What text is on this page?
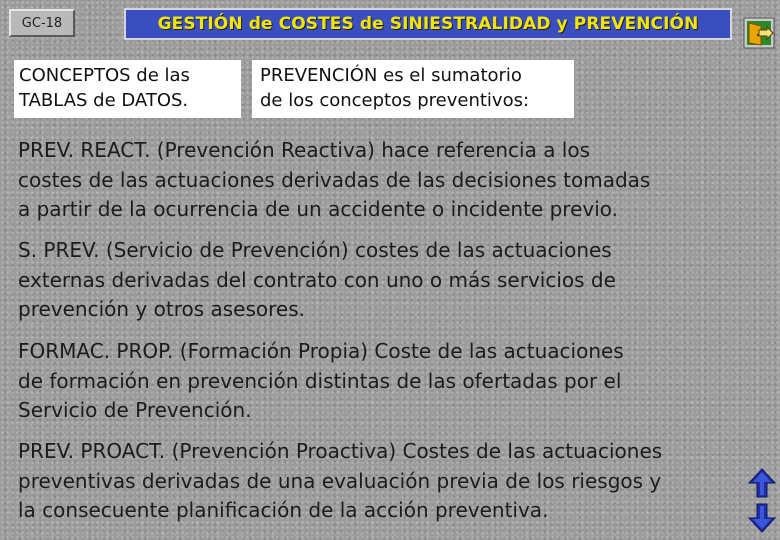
GC-18	GESTIÓN de COSTES de SINIESTRALIDAD y PREVENCIÓN
CONCEPTOS de las
TABLAS de DATOS.
PREVENCIÓN es el sumatorio
de los conceptos preventivos:
PREV. REACT. (Prevención Reactiva) hace referencia a los
costes de las actuaciones derivadas de las decisiones tomadas
a partir de la ocurrencia de un accidente o incidente previo.
S. PREV. (Servicio de Prevención) costes de las actuaciones
externas derivadas del contrato con uno o más servicios de
prevención y otros asesores.
FORMAC. PROP. (Formación Propia) Coste de las actuaciones
de formación en prevención distintas de las ofertadas por el
Servicio de Prevención.
PREV. PROACT. (Prevención Proactiva) Costes de las actuaciones
preventivas derivadas de una evaluación previa de los riesgos y
la consecuente planificación de la acción preventiva.
